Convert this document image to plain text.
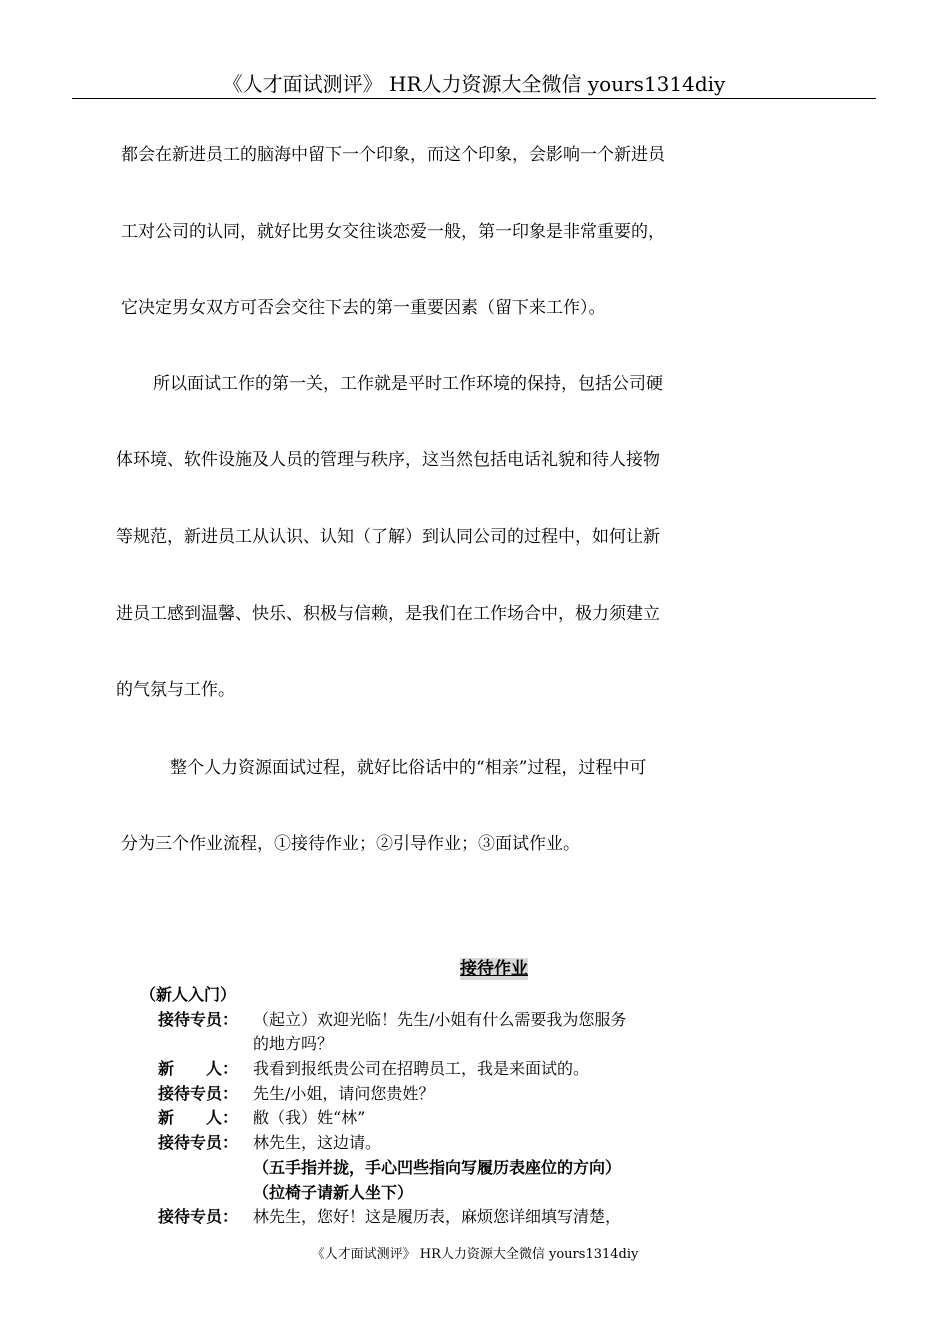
《人才面试测评》 HR人力资源大全微信 yours1314diy
都会在新进员工的脑海中留下一个印象，而这个印象，会影响一个新进员
工对公司的认同，就好比男女交往谈恋爱一般，第一印象是非常重要的，
它决定男女双方可否会交往下去的第一重要因素（留下来工作）。
所以面试工作的第一关，工作就是平时工作环境的保持，包括公司硬
体环境、软件设施及人员的管理与秩序，这当然包括电话礼貌和待人接物
等规范，新进员工从认识、认知（了解）到认同公司的过程中，如何让新
进员工感到温馨、快乐、积极与信赖，是我们在工作场合中，极力须建立
的气氛与工作。
整个人力资源面试过程，就好比俗话中的“相亲”过程，过程中可
分为三个作业流程，①接待作业；②引导作业；③面试作业。
接待作业
（新人入门）
接待专员： （起立）欢迎光临！先生/小姐有什么需要我为您服务
的地方吗？
新　　人： 我看到报纸贵公司在招聘员工，我是来面试的。
接待专员： 先生/小姐，请问您贵姓？
新　　人： 敝（我）姓“林”
接待专员： 林先生，这边请。
（五手指并拢，手心凹些指向写履历表座位的方向）
（拉椅子请新人坐下）
接待专员： 林先生，您好！这是履历表，麻烦您详细填写清楚，
《人才面试测评》 HR人力资源大全微信 yours1314diy
